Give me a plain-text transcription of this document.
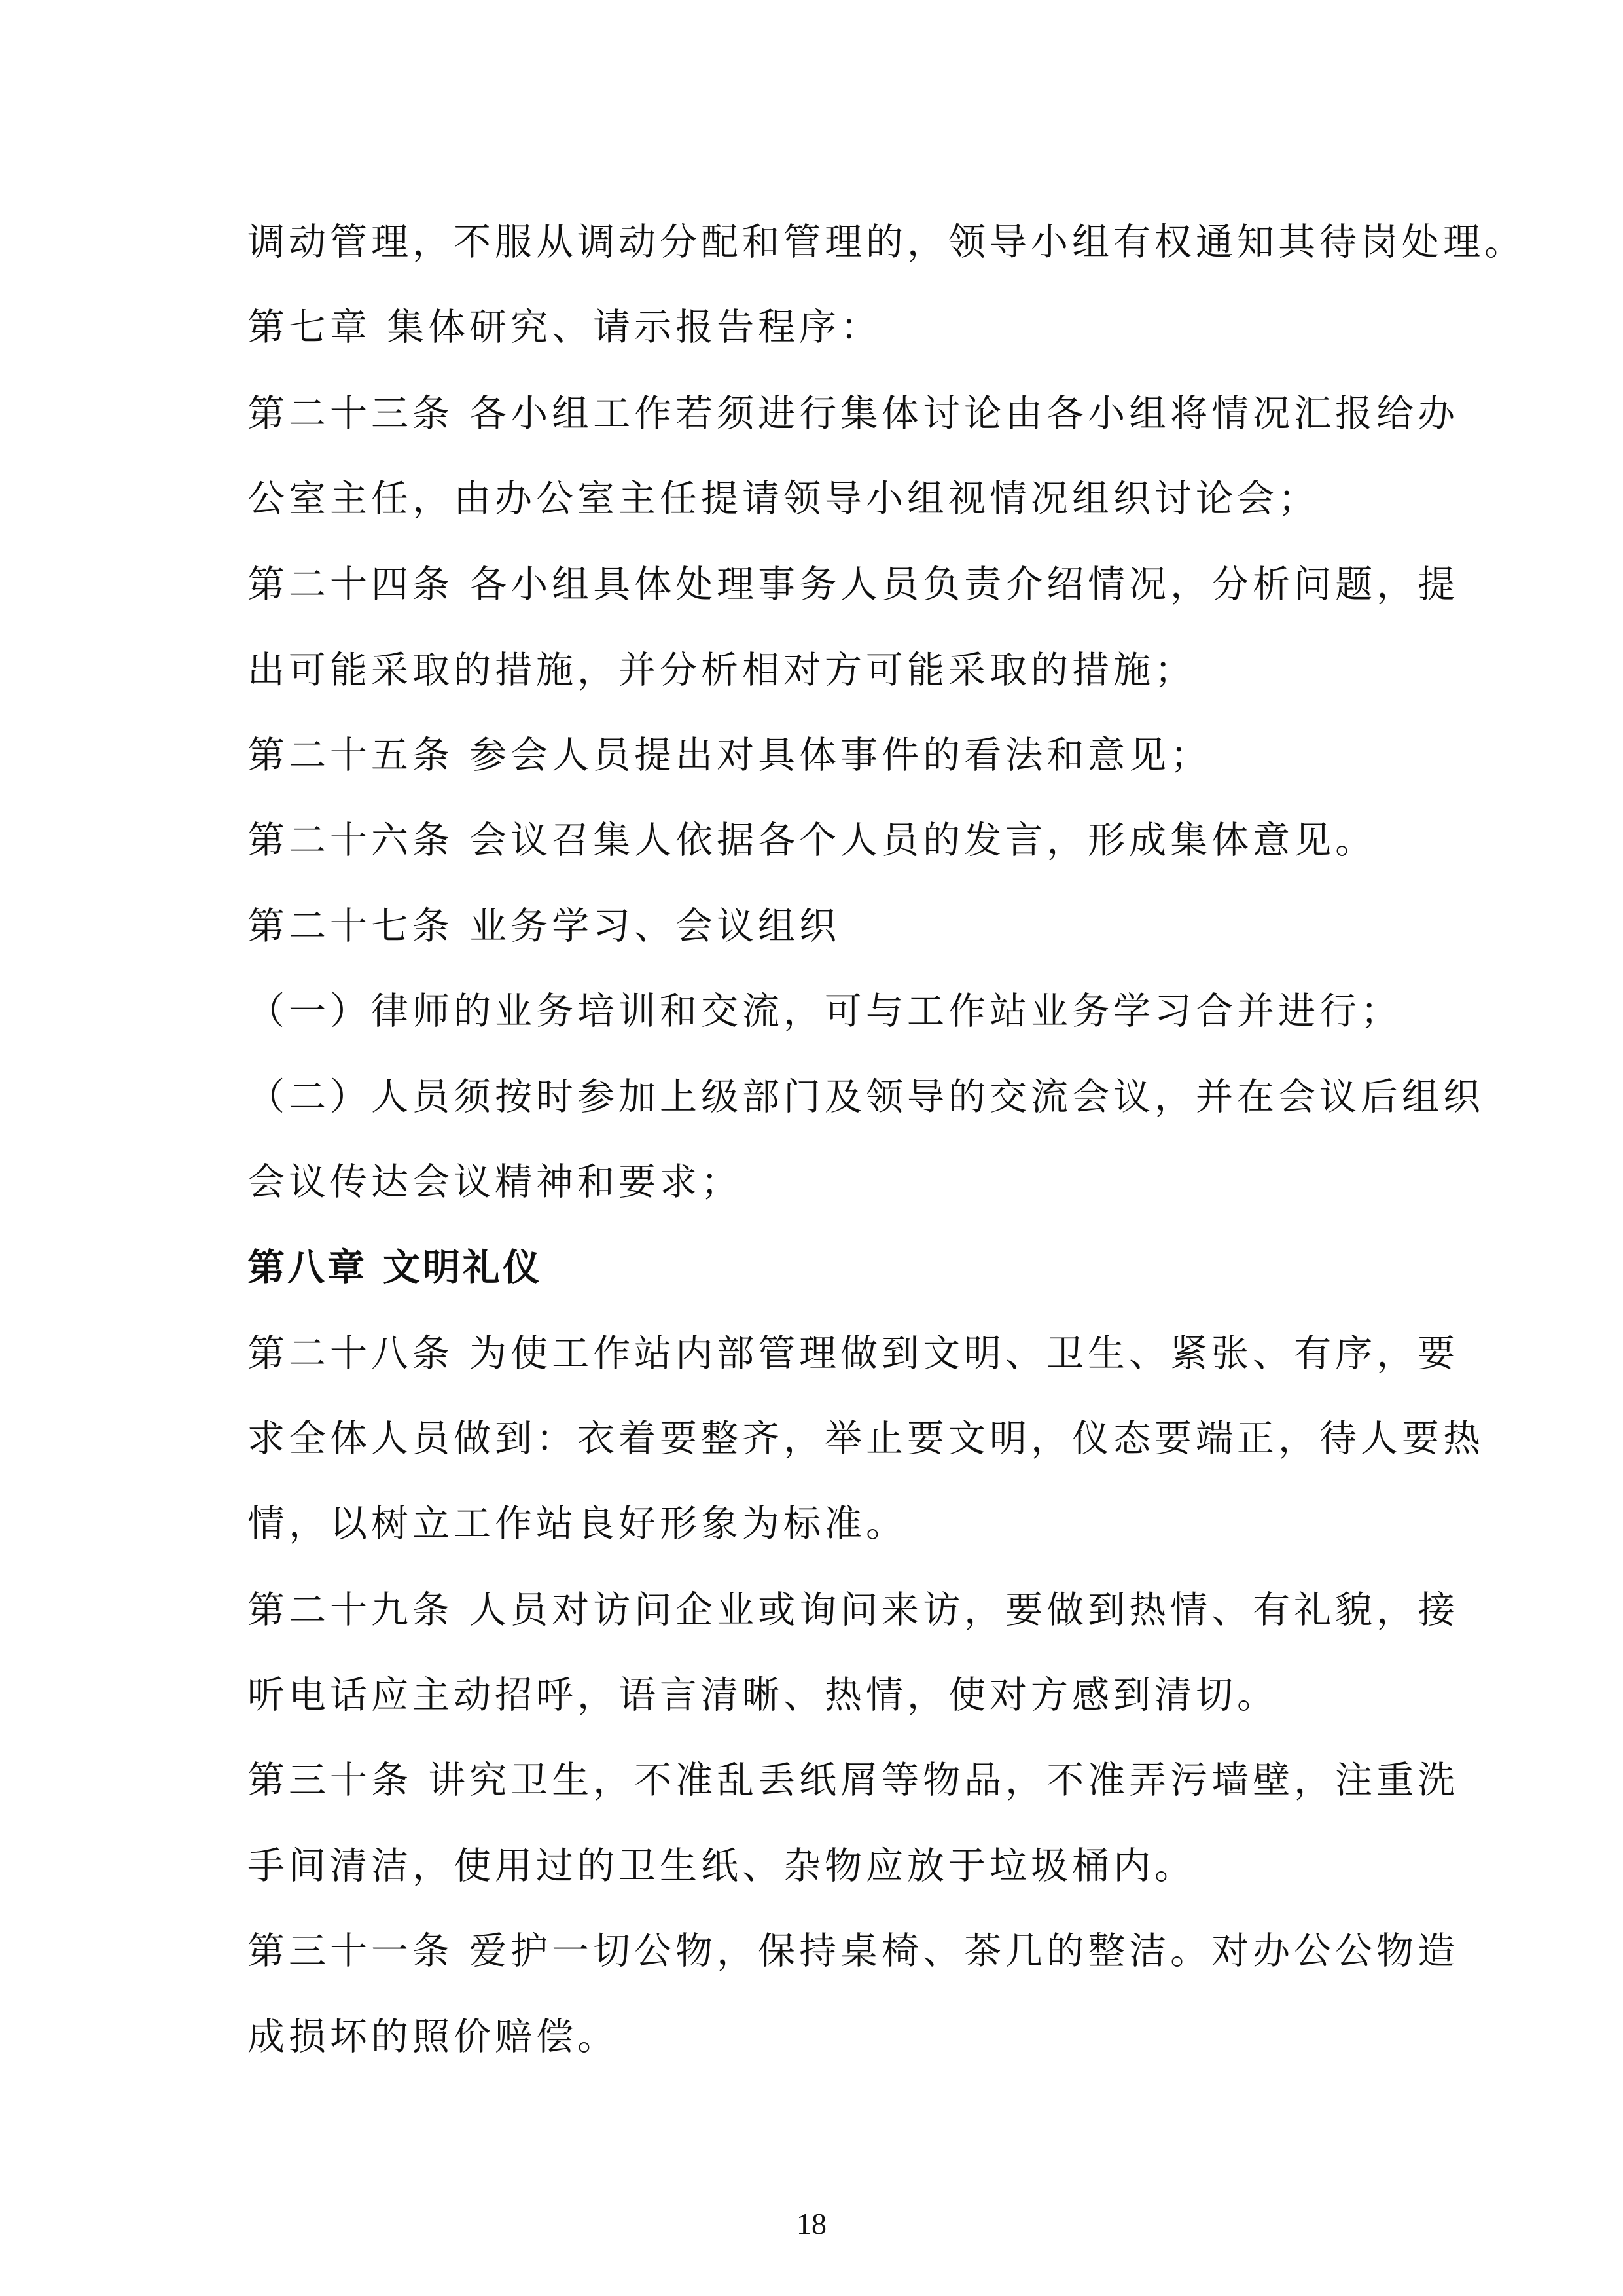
调动管理，不服从调动分配和管理的，领导小组有权通知其待岗处理。
第七章 集体研究、请示报告程序：
第二十三条 各小组工作若须进行集体讨论由各小组将情况汇报给办
公室主任，由办公室主任提请领导小组视情况组织讨论会；
第二十四条 各小组具体处理事务人员负责介绍情况，分析问题，提
出可能采取的措施，并分析相对方可能采取的措施；
第二十五条 参会人员提出对具体事件的看法和意见；
第二十六条 会议召集人依据各个人员的发言，形成集体意见。
第二十七条 业务学习、会议组织
（一）律师的业务培训和交流，可与工作站业务学习合并进行；
（二）人员须按时参加上级部门及领导的交流会议，并在会议后组织
会议传达会议精神和要求；
第八章 文明礼仪
第二十八条 为使工作站内部管理做到文明、卫生、紧张、有序，要
求全体人员做到：衣着要整齐，举止要文明，仪态要端正，待人要热
情，以树立工作站良好形象为标准。
第二十九条 人员对访问企业或询问来访，要做到热情、有礼貌，接
听电话应主动招呼，语言清晰、热情，使对方感到清切。
第三十条 讲究卫生，不准乱丢纸屑等物品，不准弄污墙壁，注重洗
手间清洁，使用过的卫生纸、杂物应放于垃圾桶内。
第三十一条 爱护一切公物，保持桌椅、茶几的整洁。对办公公物造
成损坏的照价赔偿。
18
